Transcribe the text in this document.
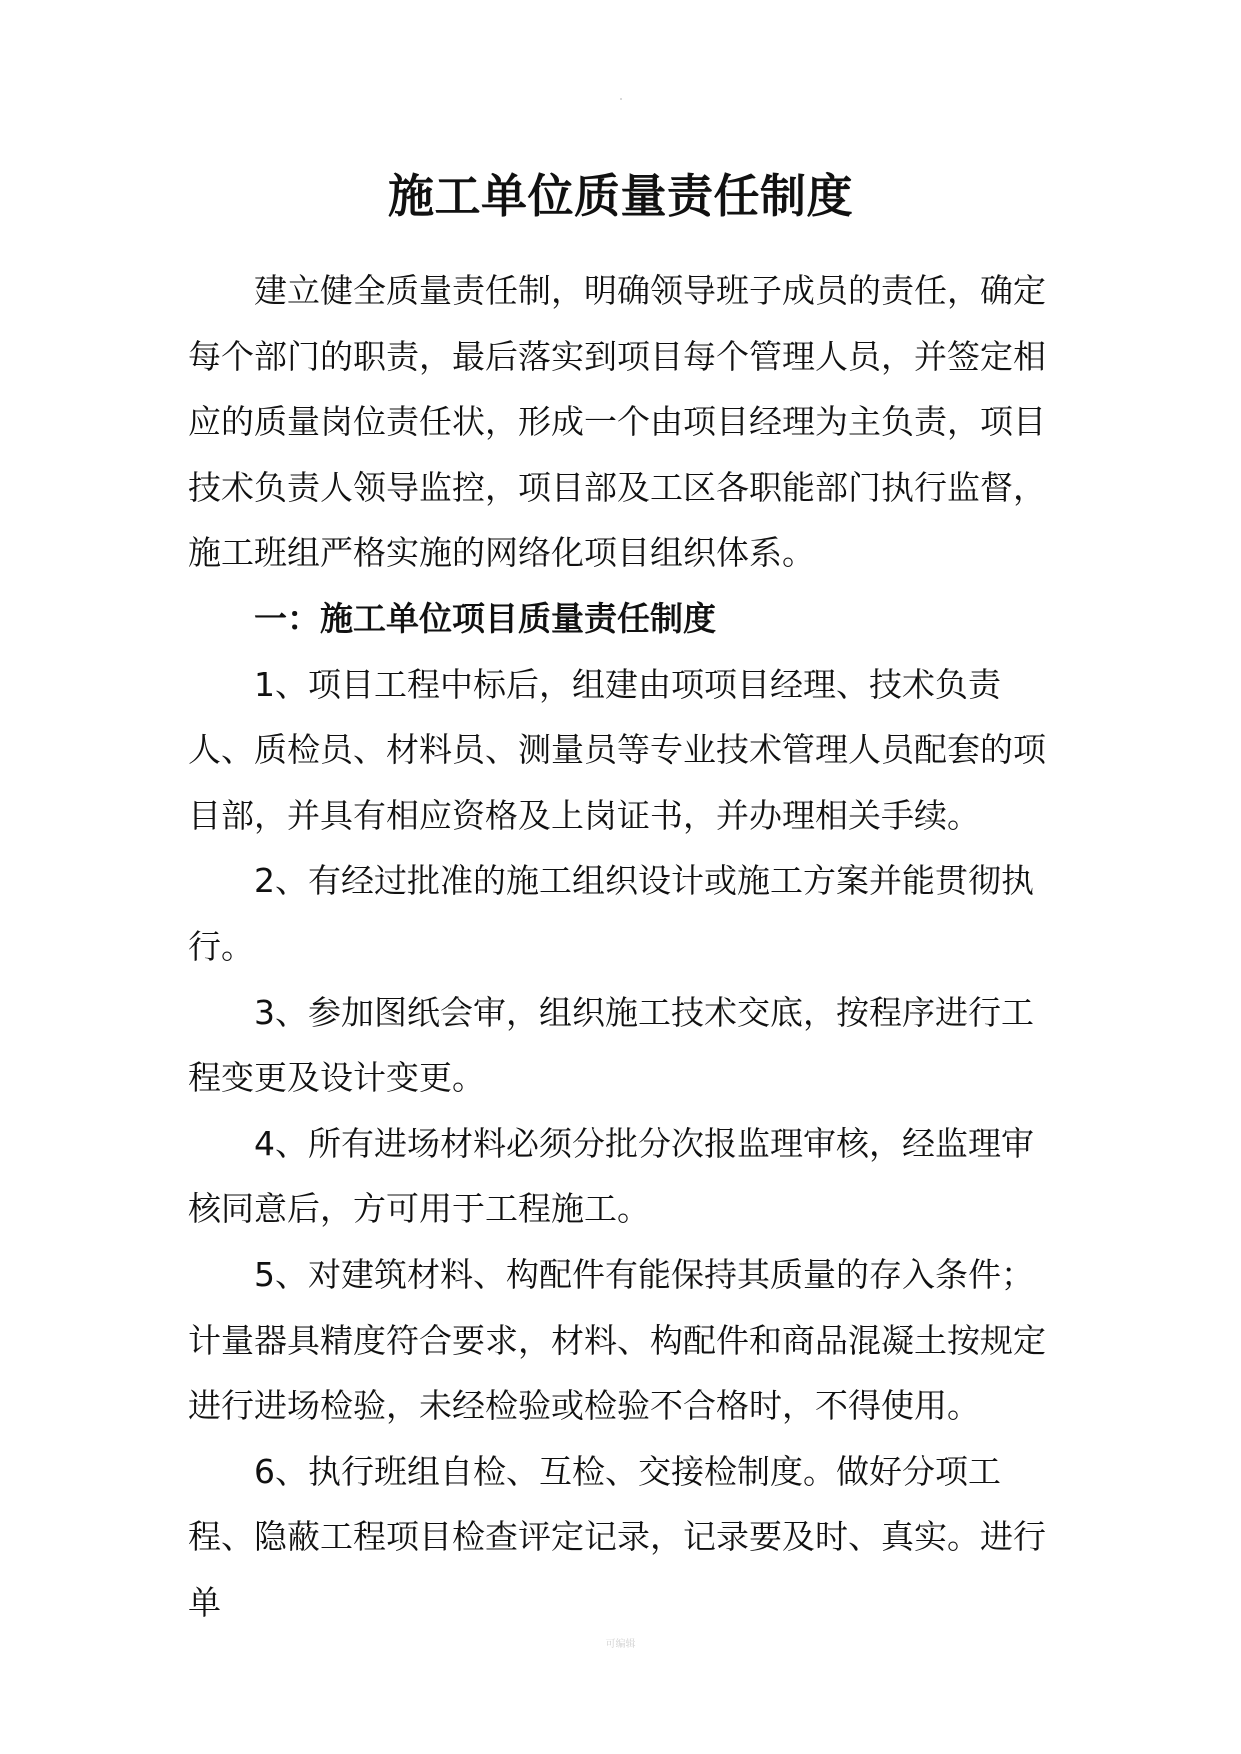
施工单位质量责任制度

建立健全质量责任制，明确领导班子成员的责任，确定每个部门的职责，最后落实到项目每个管理人员，并签定相应的质量岗位责任状，形成一个由项目经理为主负责，项目技术负责人领导监控，项目部及工区各职能部门执行监督，施工班组严格实施的网络化项目组织体系。

一：施工单位项目质量责任制度

1、项目工程中标后，组建由项项目经理、技术负责人、质检员、材料员、测量员等专业技术管理人员配套的项目部，并具有相应资格及上岗证书，并办理相关手续。

2、有经过批准的施工组织设计或施工方案并能贯彻执行。

3、参加图纸会审，组织施工技术交底，按程序进行工程变更及设计变更。

4、所有进场材料必须分批分次报监理审核，经监理审核同意后，方可用于工程施工。

5、对建筑材料、构配件有能保持其质量的存入条件；计量器具精度符合要求，材料、构配件和商品混凝土按规定进行进场检验，未经检验或检验不合格时，不得使用。

6、执行班组自检、互检、交接检制度。做好分项工程、隐蔽工程项目检查评定记录，记录要及时、真实。进行单

可编辑
